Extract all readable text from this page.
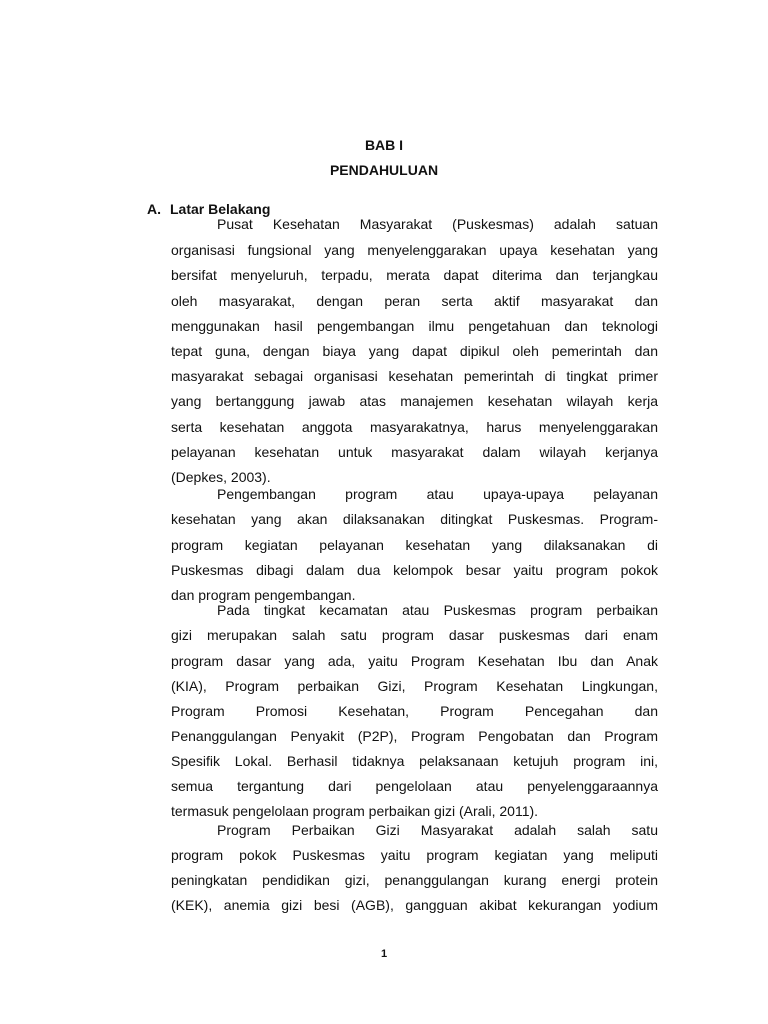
BAB I
PENDAHULUAN
A. Latar Belakang
Pusat Kesehatan Masyarakat (Puskesmas) adalah satuan
organisasi fungsional yang menyelenggarakan upaya kesehatan yang
bersifat menyeluruh, terpadu, merata dapat diterima dan terjangkau
oleh masyarakat, dengan peran serta aktif masyarakat dan
menggunakan hasil pengembangan ilmu pengetahuan dan teknologi
tepat guna, dengan biaya yang dapat dipikul oleh pemerintah dan
masyarakat sebagai organisasi kesehatan pemerintah di tingkat primer
yang bertanggung jawab atas manajemen kesehatan wilayah kerja
serta kesehatan anggota masyarakatnya, harus menyelenggarakan
pelayanan kesehatan untuk masyarakat dalam wilayah kerjanya
(Depkes, 2003).
Pengembangan program atau upaya-upaya pelayanan
kesehatan yang akan dilaksanakan ditingkat Puskesmas. Program-
program kegiatan pelayanan kesehatan yang dilaksanakan di
Puskesmas dibagi dalam dua kelompok besar yaitu program pokok
dan program pengembangan.
Pada tingkat kecamatan atau Puskesmas program perbaikan
gizi merupakan salah satu program dasar puskesmas dari enam
program dasar yang ada, yaitu Program Kesehatan Ibu dan Anak
(KIA), Program perbaikan Gizi, Program Kesehatan Lingkungan,
Program Promosi Kesehatan, Program Pencegahan dan
Penanggulangan Penyakit (P2P), Program Pengobatan dan Program
Spesifik Lokal. Berhasil tidaknya pelaksanaan ketujuh program ini,
semua tergantung dari pengelolaan atau penyelenggaraannya
termasuk pengelolaan program perbaikan gizi (Arali, 2011).
Program Perbaikan Gizi Masyarakat adalah salah satu
program pokok Puskesmas yaitu program kegiatan yang meliputi
peningkatan pendidikan gizi, penanggulangan kurang energi protein
(KEK), anemia gizi besi (AGB), gangguan akibat kekurangan yodium
1
